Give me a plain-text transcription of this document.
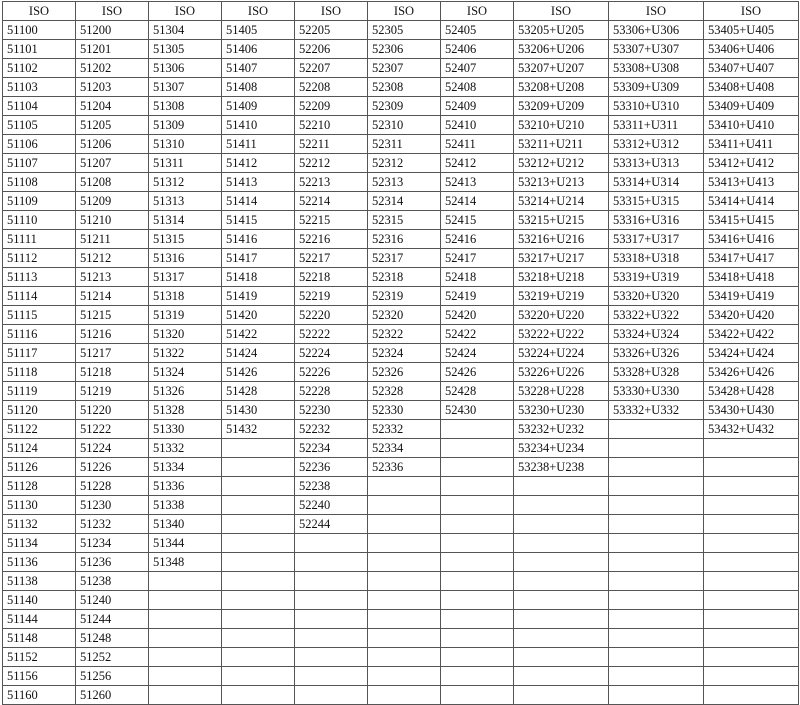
ISO	ISO	ISO	ISO	ISO	ISO	ISO	ISO	ISO	ISO
51100	51200	51304	51405	52205	52305	52405	53205+U205	53306+U306	53405+U405
51101	51201	51305	51406	52206	52306	52406	53206+U206	53307+U307	53406+U406
51102	51202	51306	51407	52207	52307	52407	53207+U207	53308+U308	53407+U407
51103	51203	51307	51408	52208	52308	52408	53208+U208	53309+U309	53408+U408
51104	51204	51308	51409	52209	52309	52409	53209+U209	53310+U310	53409+U409
51105	51205	51309	51410	52210	52310	52410	53210+U210	53311+U311	53410+U410
51106	51206	51310	51411	52211	52311	52411	53211+U211	53312+U312	53411+U411
51107	51207	51311	51412	52212	52312	52412	53212+U212	53313+U313	53412+U412
51108	51208	51312	51413	52213	52313	52413	53213+U213	53314+U314	53413+U413
51109	51209	51313	51414	52214	52314	52414	53214+U214	53315+U315	53414+U414
51110	51210	51314	51415	52215	52315	52415	53215+U215	53316+U316	53415+U415
51111	51211	51315	51416	52216	52316	52416	53216+U216	53317+U317	53416+U416
51112	51212	51316	51417	52217	52317	52417	53217+U217	53318+U318	53417+U417
51113	51213	51317	51418	52218	52318	52418	53218+U218	53319+U319	53418+U418
51114	51214	51318	51419	52219	52319	52419	53219+U219	53320+U320	53419+U419
51115	51215	51319	51420	52220	52320	52420	53220+U220	53322+U322	53420+U420
51116	51216	51320	51422	52222	52322	52422	53222+U222	53324+U324	53422+U422
51117	51217	51322	51424	52224	52324	52424	53224+U224	53326+U326	53424+U424
51118	51218	51324	51426	52226	52326	52426	53226+U226	53328+U328	53426+U426
51119	51219	51326	51428	52228	52328	52428	53228+U228	53330+U330	53428+U428
51120	51220	51328	51430	52230	52330	52430	53230+U230	53332+U332	53430+U430
51122	51222	51330	51432	52232	52332		53232+U232		53432+U432
51124	51224	51332		52234	52334		53234+U234		
51126	51226	51334		52236	52336		53238+U238		
51128	51228	51336		52238					
51130	51230	51338		52240					
51132	51232	51340		52244					
51134	51234	51344							
51136	51236	51348							
51138	51238								
51140	51240								
51144	51244								
51148	51248								
51152	51252								
51156	51256								
51160	51260								
